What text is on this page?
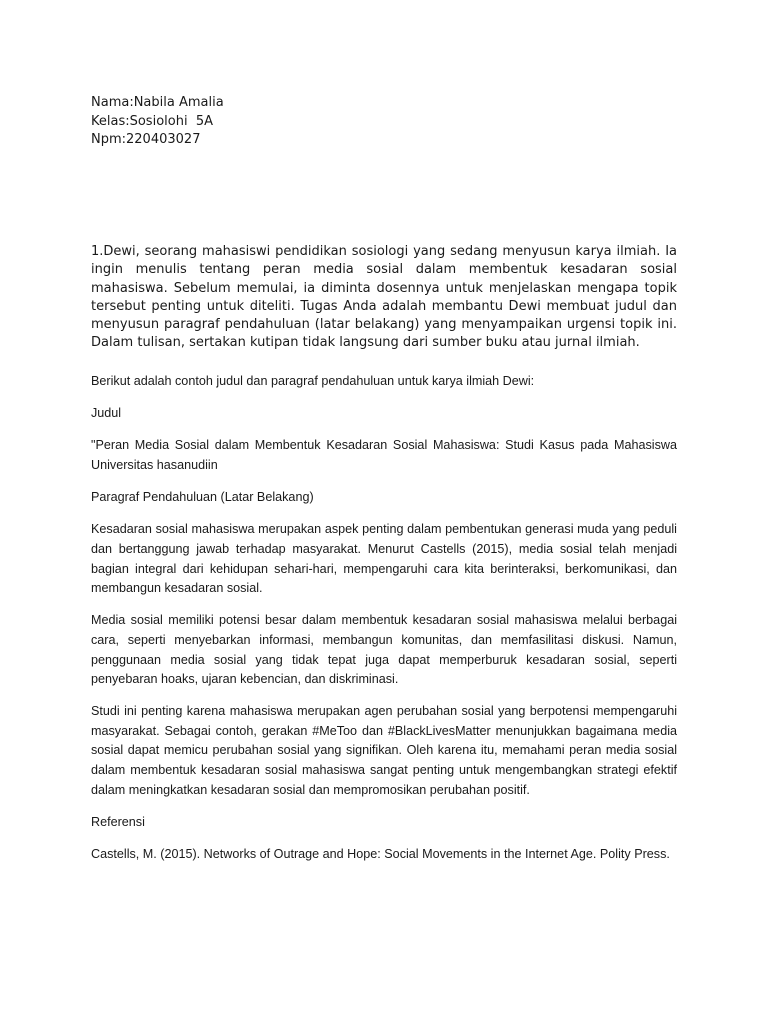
Nama:Nabila Amalia
Kelas:Sosiolohi  5A
Npm:220403027

1.Dewi, seorang mahasiswi pendidikan sosiologi yang sedang menyusun karya ilmiah. Ia ingin menulis tentang peran media sosial dalam membentuk kesadaran sosial mahasiswa. Sebelum memulai, ia diminta dosennya untuk menjelaskan mengapa topik tersebut penting untuk diteliti. Tugas Anda adalah membantu Dewi membuat judul dan menyusun paragraf pendahuluan (latar belakang) yang menyampaikan urgensi topik ini. Dalam tulisan, sertakan kutipan tidak langsung dari sumber buku atau jurnal ilmiah.

Berikut adalah contoh judul dan paragraf pendahuluan untuk karya ilmiah Dewi:

Judul

"Peran Media Sosial dalam Membentuk Kesadaran Sosial Mahasiswa: Studi Kasus pada Mahasiswa Universitas hasanudiin

Paragraf Pendahuluan (Latar Belakang)

Kesadaran sosial mahasiswa merupakan aspek penting dalam pembentukan generasi muda yang peduli dan bertanggung jawab terhadap masyarakat. Menurut Castells (2015), media sosial telah menjadi bagian integral dari kehidupan sehari-hari, mempengaruhi cara kita berinteraksi, berkomunikasi, dan membangun kesadaran sosial.

Media sosial memiliki potensi besar dalam membentuk kesadaran sosial mahasiswa melalui berbagai cara, seperti menyebarkan informasi, membangun komunitas, dan memfasilitasi diskusi. Namun, penggunaan media sosial yang tidak tepat juga dapat memperburuk kesadaran sosial, seperti penyebaran hoaks, ujaran kebencian, dan diskriminasi.

Studi ini penting karena mahasiswa merupakan agen perubahan sosial yang berpotensi mempengaruhi masyarakat. Sebagai contoh, gerakan #MeToo dan #BlackLivesMatter menunjukkan bagaimana media sosial dapat memicu perubahan sosial yang signifikan. Oleh karena itu, memahami peran media sosial dalam membentuk kesadaran sosial mahasiswa sangat penting untuk mengembangkan strategi efektif dalam meningkatkan kesadaran sosial dan mempromosikan perubahan positif.

Referensi

Castells, M. (2015). Networks of Outrage and Hope: Social Movements in the Internet Age. Polity Press.
